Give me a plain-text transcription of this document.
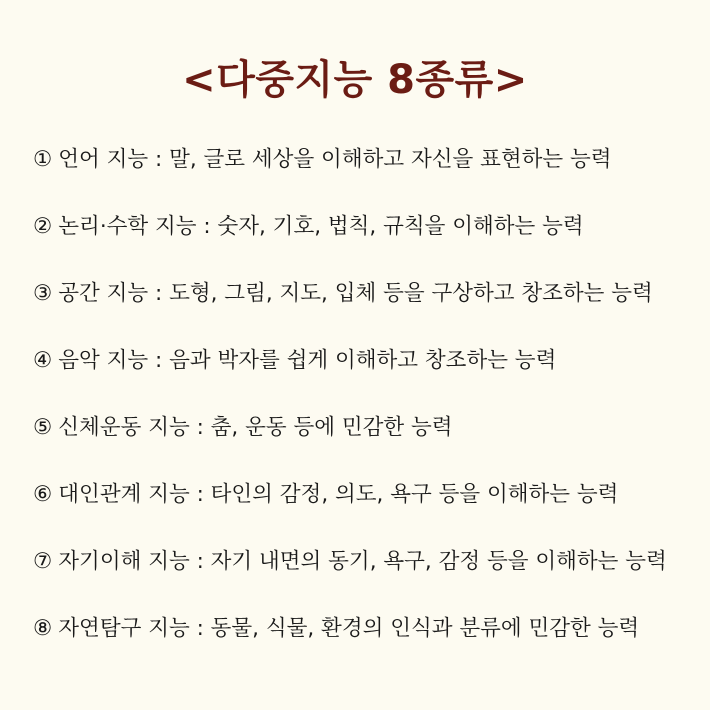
<다중지능 8종류>
① 언어 지능 : 말, 글로 세상을 이해하고 자신을 표현하는 능력
② 논리·수학 지능 : 숫자, 기호, 법칙, 규칙을 이해하는 능력
③ 공간 지능 : 도형, 그림, 지도, 입체 등을 구상하고 창조하는 능력
④ 음악 지능 : 음과 박자를 쉽게 이해하고 창조하는 능력
⑤ 신체운동 지능 : 춤, 운동 등에 민감한 능력
⑥ 대인관계 지능 : 타인의 감정, 의도, 욕구 등을 이해하는 능력
⑦ 자기이해 지능 : 자기 내면의 동기, 욕구, 감정 등을 이해하는 능력
⑧ 자연탐구 지능 : 동물, 식물, 환경의 인식과 분류에 민감한 능력
